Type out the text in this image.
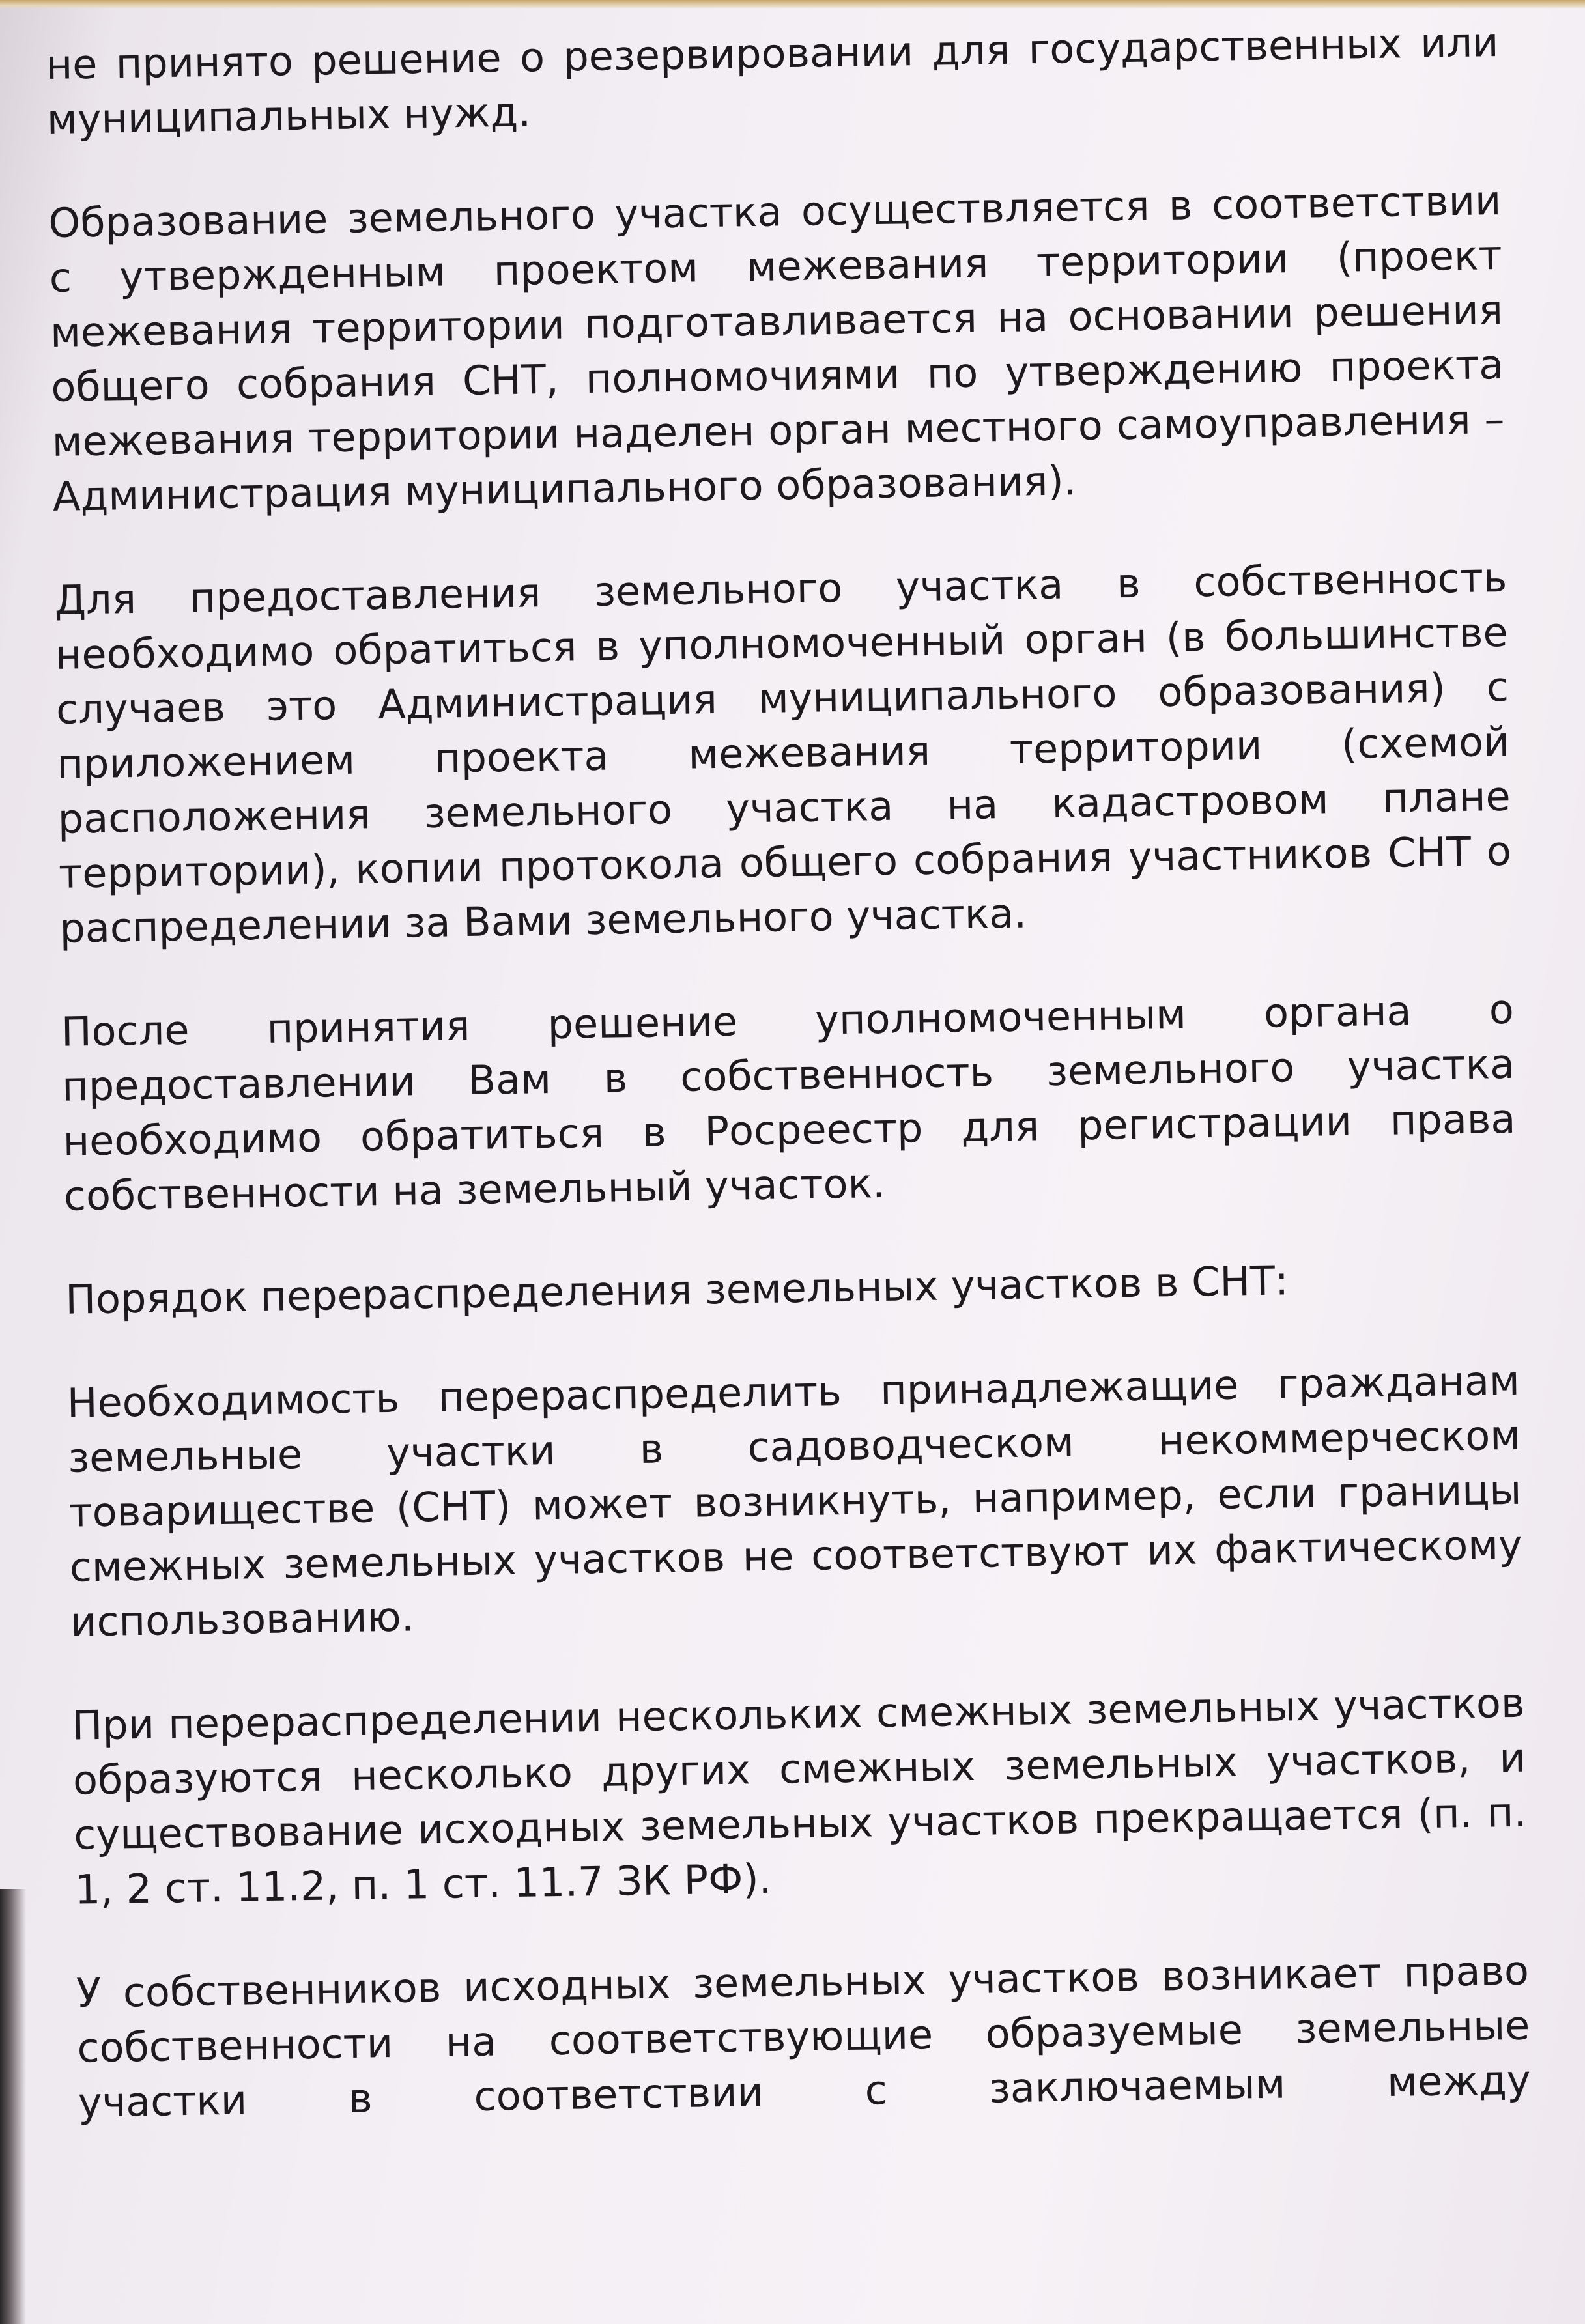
не принято решение о резервировании для государственных или муниципальных нужд.

Образование земельного участка осуществляется в соответствии с утвержденным проектом межевания территории (проект межевания территории подготавливается на основании решения общего собрания СНТ, полномочиями по утверждению проекта межевания территории наделен орган местного самоуправления – Администрация муниципального образования).

Для предоставления земельного участка в собственность необходимо обратиться в уполномоченный орган (в большинстве случаев это Администрация муниципального образования) с приложением проекта межевания территории (схемой расположения земельного участка на кадастровом плане территории), копии протокола общего собрания участников СНТ о распределении за Вами земельного участка.

После принятия решение уполномоченным органа о предоставлении Вам в собственность земельного участка необходимо обратиться в Росреестр для регистрации права собственности на земельный участок.

Порядок перераспределения земельных участков в СНТ:

Необходимость перераспределить принадлежащие гражданам земельные участки в садоводческом некоммерческом товариществе (СНТ) может возникнуть, например, если границы смежных земельных участков не соответствуют их фактическому использованию.

При перераспределении нескольких смежных земельных участков образуются несколько других смежных земельных участков, и существование исходных земельных участков прекращается (п. п. 1, 2 ст. 11.2, п. 1 ст. 11.7 ЗК РФ).

У собственников исходных земельных участков возникает право собственности на соответствующие образуемые земельные участки в соответствии с заключаемым между
